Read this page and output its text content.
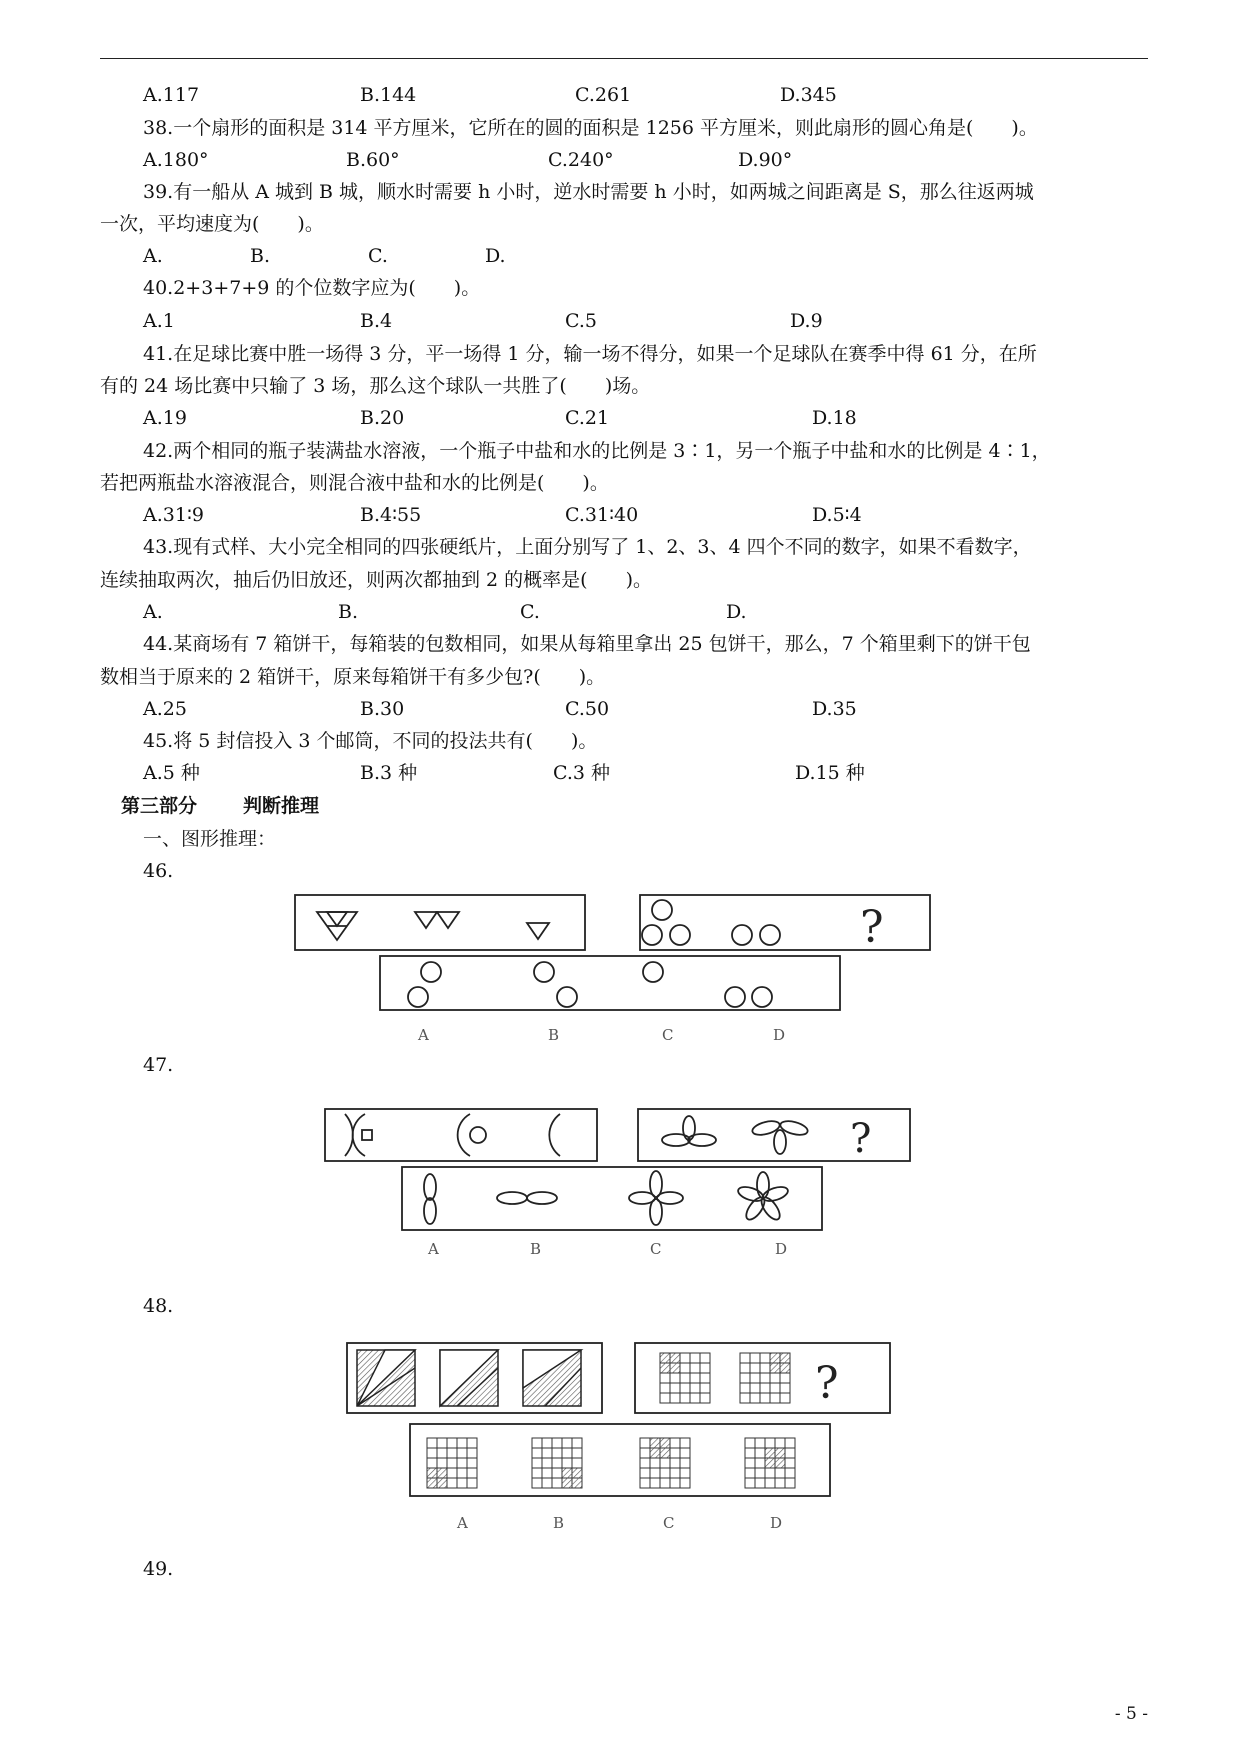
A.117	B.144	C.261	D.345
38.一个扇形的面积是 314 平方厘米，它所在的圆的面积是 1256 平方厘米，则此扇形的圆心角是(　　)。
A.180°	B.60°	C.240°	D.90°
39.有一船从 A 城到 B 城，顺水时需要 h 小时，逆水时需要 h 小时，如两城之间距离是 S，那么往返两城
一次，平均速度为(　　)。
A.	B.	C.	D.
40.2+3+7+9 的个位数字应为(　　)。
A.1	B.4	C.5	D.9
41.在足球比赛中胜一场得 3 分，平一场得 1 分，输一场不得分，如果一个足球队在赛季中得 61 分，在所
有的 24 场比赛中只输了 3 场，那么这个球队一共胜了(　　)场。
A.19	B.20	C.21	D.18
42.两个相同的瓶子装满盐水溶液，一个瓶子中盐和水的比例是 3∶1，另一个瓶子中盐和水的比例是 4∶1，
若把两瓶盐水溶液混合，则混合液中盐和水的比例是(　　)。
A.31∶9	B.4∶55	C.31∶40	D.5∶4
43.现有式样、大小完全相同的四张硬纸片，上面分别写了 1、2、3、4 四个不同的数字，如果不看数字，
连续抽取两次，抽后仍旧放还，则两次都抽到 2 的概率是(　　)。
A.	B.	C.	D.
44.某商场有 7 箱饼干，每箱装的包数相同，如果从每箱里拿出 25 包饼干，那么，7 个箱里剩下的饼干包
数相当于原来的 2 箱饼干，原来每箱饼干有多少包?(　　)。
A.25	B.30	C.50	D.35
45.将 5 封信投入 3 个邮筒，不同的投法共有(　　)。
A.5 种	B.3 种	C.3 种	D.15 种
第三部分 判断推理
一、图形推理：
46.
?
A	B	C	D
47.
?
A	B	C	D
48.
?
A	B	C	D
49.
- 5 -
